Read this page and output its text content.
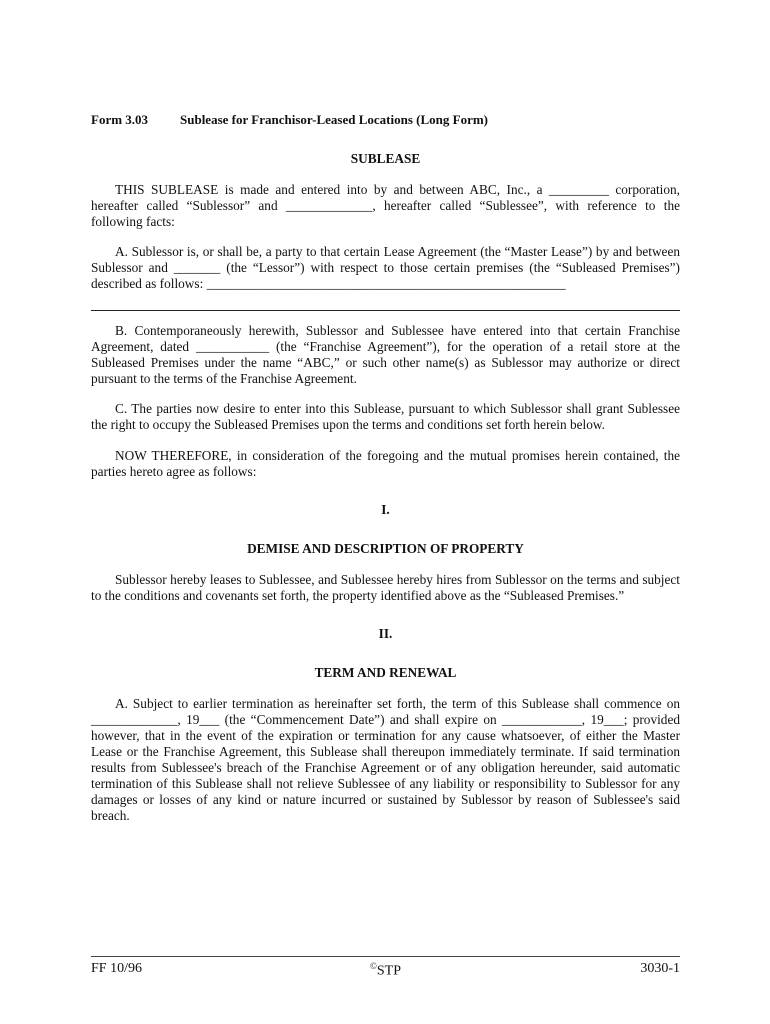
Form 3.03 Sublease for Franchisor-Leased Locations (Long Form)
SUBLEASE

THIS SUBLEASE is made and entered into by and between ABC, Inc., a _________ corporation, hereafter called “Sublessor” and _____________, hereafter called “Sublessee”, with reference to the following facts:

A. Sublessor is, or shall be, a party to that certain Lease Agreement (the “Master Lease”) by and between Sublessor and _______ (the “Lessor”) with respect to those certain premises (the “Subleased Premises”) described as follows: ______________________________________________________

B. Contemporaneously herewith, Sublessor and Sublessee have entered into that certain Franchise Agreement, dated ___________ (the “Franchise Agreement”), for the operation of a retail store at the Subleased Premises under the name “ABC,” or such other name(s) as Sublessor may authorize or direct pursuant to the terms of the Franchise Agreement.

C. The parties now desire to enter into this Sublease, pursuant to which Sublessor shall grant Sublessee the right to occupy the Subleased Premises upon the terms and conditions set forth herein below.

NOW THEREFORE, in consideration of the foregoing and the mutual promises herein contained, the parties hereto agree as follows:

I.
DEMISE AND DESCRIPTION OF PROPERTY

Sublessor hereby leases to Sublessee, and Sublessee hereby hires from Sublessor on the terms and subject to the conditions and covenants set forth, the property identified above as the “Subleased Premises.”

II.
TERM AND RENEWAL

A. Subject to earlier termination as hereinafter set forth, the term of this Sublease shall commence on _____________, 19___ (the “Commencement Date”) and shall expire on ____________, 19___; provided however, that in the event of the expiration or termination for any cause whatsoever, of either the Master Lease or the Franchise Agreement, this Sublease shall thereupon immediately terminate. If said termination results from Sublessee's breach of the Franchise Agreement or of any obligation hereunder, said automatic termination of this Sublease shall not relieve Sublessee of any liability or responsibility to Sublessor for any damages or losses of any kind or nature incurred or sustained by Sublessor by reason of Sublessee's said breach.

FF 10/96	©STP	3030-1
